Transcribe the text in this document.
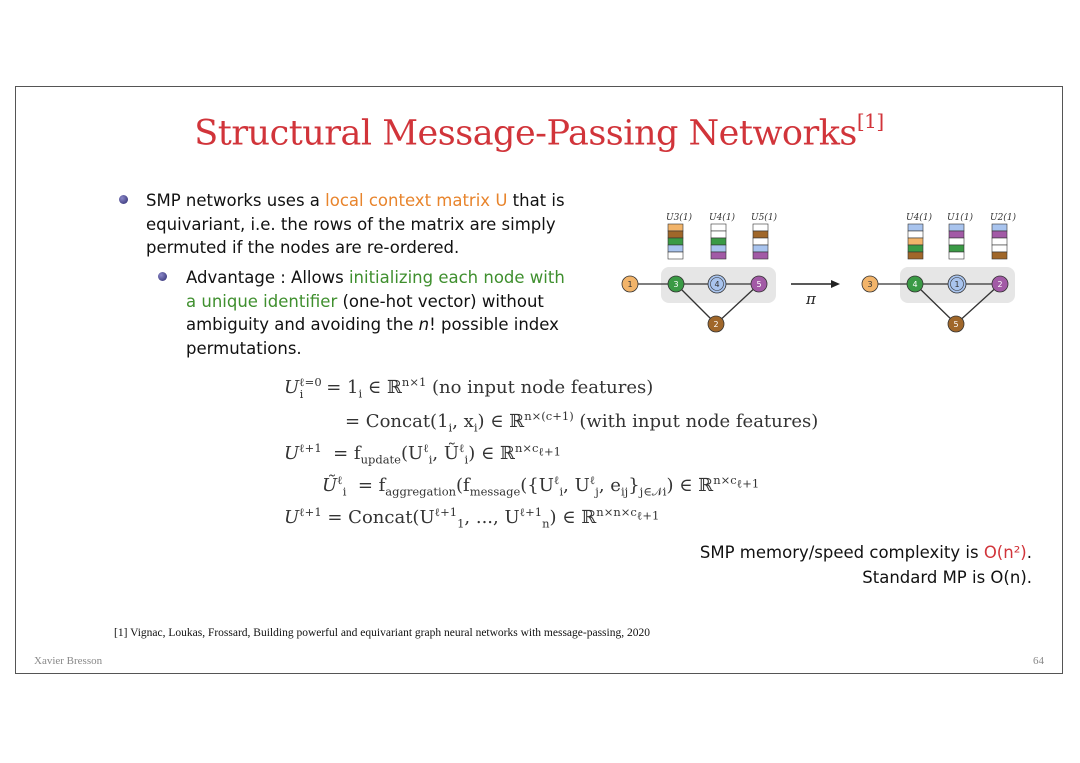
Structural Message-Passing Networks[1]
SMP networks uses a local context matrix U that is equivariant, i.e. the rows of the matrix are simply permuted if the nodes are re-ordered.
Advantage : Allows initializing each node with a unique identifier (one-hot vector) without ambiguity and avoiding the n! possible index permutations.
U3(1) U4(1) U5(1)
1	3	4	5
2
π
U4(1) U1(1) U2(1)
3	4	1	2
5
$U^{\ell=0}_i = 1_i$ ∈ ℝ$^{n\times 1}$ (no input node features)
= $Concat(1_i$, $x_i$) ∈ ℝ$^{n\times(c+1)}$ (with input node features)
$U^{\ell+1} = f_{update}(U^\ell_i$, $Ũ^\ell_i$) ∈ ℝ$^{n\times c_{\ell+1}}$
$Ũ^\ell_i = f_{aggregation}(f_{message}(\{U^\ell_i$, $U^\ell_j$, $e_{ij}\}_{j\in 𝒩i}$) ∈ ℝ$^{n\times c_{\ell+1}}$
$U^{\ell+1}$ = $Concat(U^{\ell+1}_1$, ..., $U^{\ell+1}_n$) ∈ ℝ$^{n\times n\times c_{\ell+1}}$
SMP memory/speed complexity is O(n²).
Standard MP is O(n).
[1] Vignac, Loukas, Frossard, Building powerful and equivariant graph neural networks with message-passing, 2020
Xavier Bresson	64
